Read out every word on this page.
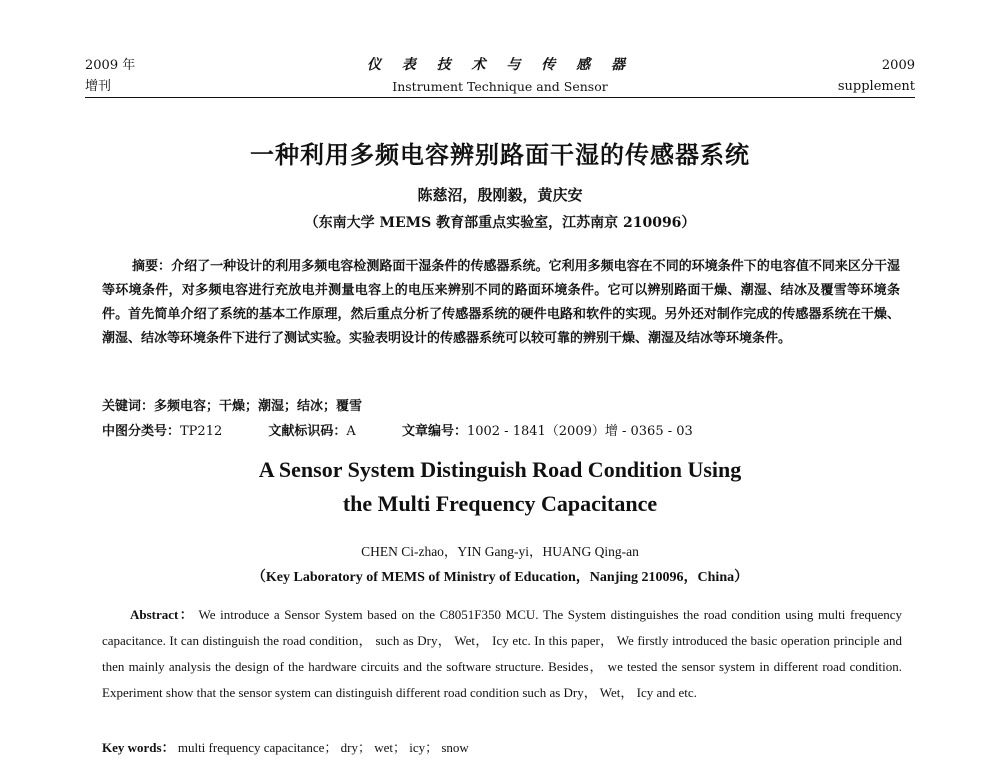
2009 年
增刊
仪 表 技 术 与 传 感 器
Instrument Technique and Sensor
2009
supplement
一种利用多频电容辨别路面干湿的传感器系统
陈慈沼，殷刚毅，黄庆安
（东南大学 MEMS 教育部重点实验室，江苏南京 210096）
摘要：介绍了一种设计的利用多频电容检测路面干湿条件的传感器系统。它利用多频电容在不同的环境条件下的电容值不同来区分干湿等环境条件，对多频电容进行充放电并测量电容上的电压来辨别不同的路面环境条件。它可以辨别路面干燥、潮湿、结冰及覆雪等环境条件。首先简单介绍了系统的基本工作原理，然后重点分析了传感器系统的硬件电路和软件的实现。另外还对制作完成的传感器系统在干燥、潮湿、结冰等环境条件下进行了测试实验。实验表明设计的传感器系统可以较可靠的辨别干燥、潮湿及结冰等环境条件。
关键词：多频电容；干燥；潮湿；结冰；覆雪
中图分类号：TP212	文献标识码：A	文章编号：1002 - 1841（2009）增 - 0365 - 03
A Sensor System Distinguish Road Condition Using
the Multi Frequency Capacitance
CHEN Ci-zhao，YIN Gang-yi，HUANG Qing-an
（Key Laboratory of MEMS of Ministry of Education，Nanjing 210096，China）
Abstract： We introduce a Sensor System based on the C8051F350 MCU. The System distinguishes the road condition using multi frequency capacitance. It can distinguish the road condition， such as Dry， Wet， Icy etc. In this paper， We firstly introduced the basic operation principle and then mainly analysis the design of the hardware circuits and the software structure. Besides， we tested the sensor system in different road condition. Experiment show that the sensor system can distinguish different road condition such as Dry， Wet， Icy and etc.
Key words： multi frequency capacitance； dry； wet； icy； snow
